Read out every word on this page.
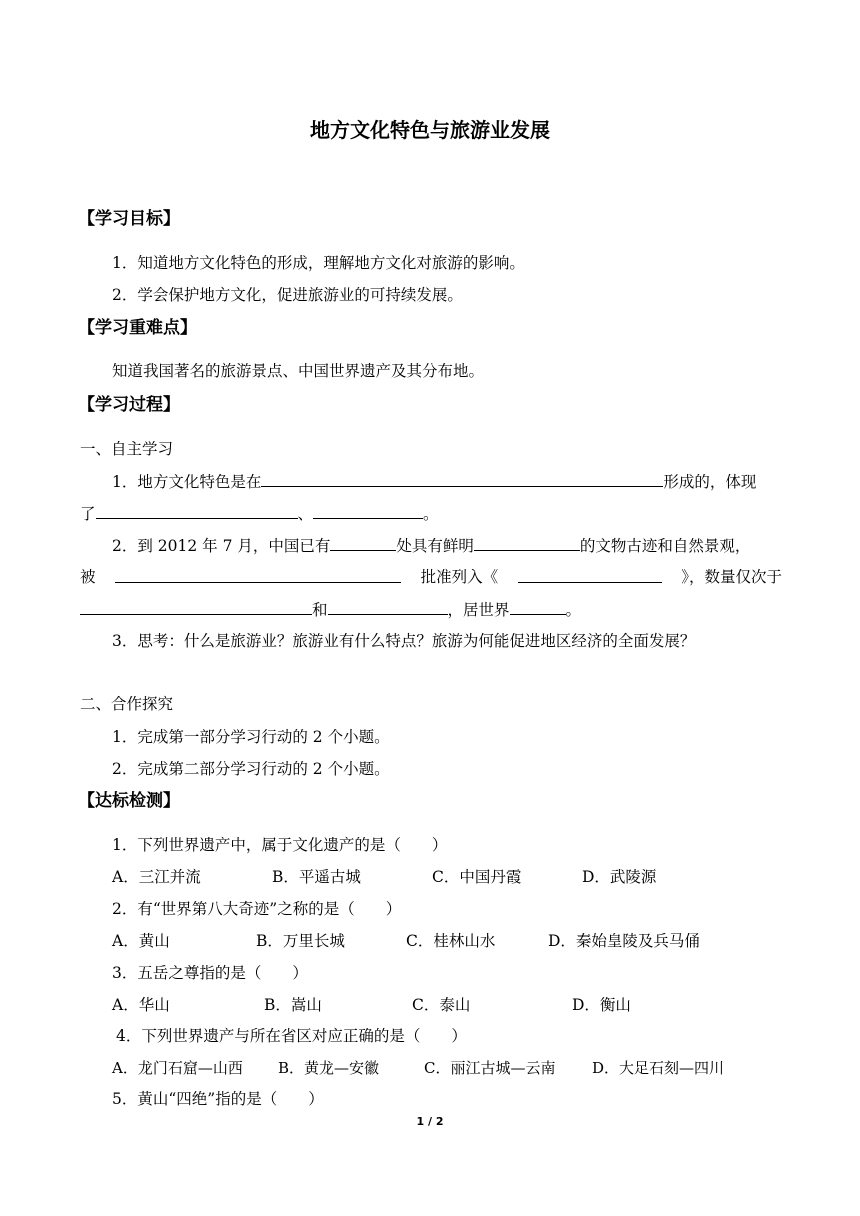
地方文化特色与旅游业发展
【学习目标】
1．知道地方文化特色的形成，理解地方文化对旅游的影响。
2．学会保护地方文化，促进旅游业的可持续发展。
【学习重难点】
知道我国著名的旅游景点、中国世界遗产及其分布地。
【学习过程】
一、自主学习
1．地方文化特色是在	形成的，体现
了	、	。
2．到 2012 年 7 月，中国已有	处具有鲜明	的文物古迹和自然景观，
被	批准列入《	》，数量仅次于
和	，居世界	。
3．思考：什么是旅游业？旅游业有什么特点？旅游为何能促进地区经济的全面发展？
二、合作探究
1．完成第一部分学习行动的 2 个小题。
2．完成第二部分学习行动的 2 个小题。
【达标检测】
1．下列世界遗产中，属于文化遗产的是（　　）
A．三江并流	B．平遥古城	C．中国丹霞	D．武陵源
2．有“世界第八大奇迹”之称的是（　　）
A．黄山	B．万里长城	C．桂林山水	D．秦始皇陵及兵马俑
3．五岳之尊指的是（　　）
A．华山	B．嵩山	C．泰山	D．衡山
4．下列世界遗产与所在省区对应正确的是（　　）
A．龙门石窟—山西	B．黄龙—安徽	C．丽江古城—云南	D．大足石刻—四川
5．黄山“四绝”指的是（　　）
1 / 2
